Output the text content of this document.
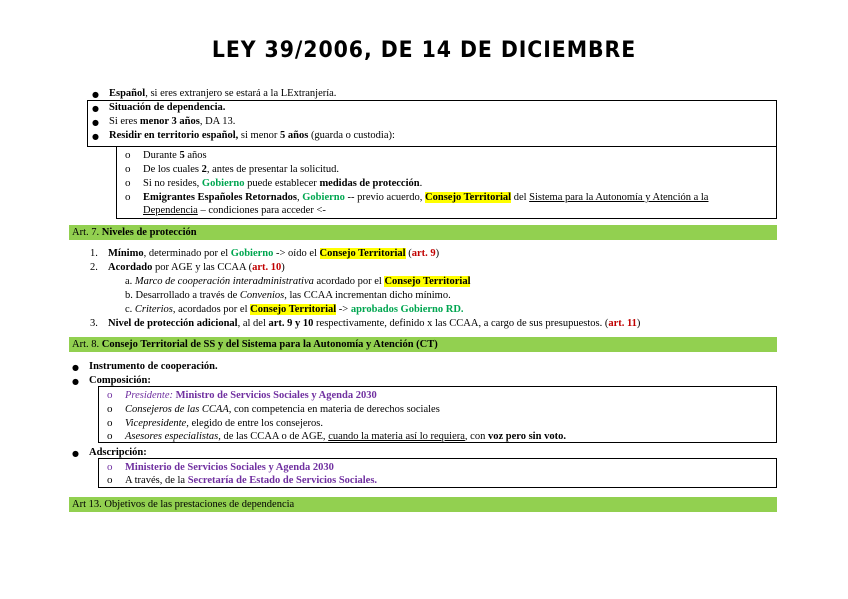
LEY 39/2006, DE 14 DE DICIEMBRE
● Español, si eres extranjero se estará a la LExtranjería.
● Situación de dependencia.
● Si eres menor 3 años, DA 13.
● Residir en territorio español, si menor 5 años (guarda o custodia):
o Durante 5 años
o De los cuales 2, antes de presentar la solicitud.
o Si no resides, Gobierno puede establecer medidas de protección.
o Emigrantes Españoles Retornados, Gobierno -- previo acuerdo, Consejo Territorial del Sistema para la Autonomía y Atención a la
Dependencia – condiciones para acceder <-
Art. 7. Niveles de protección
1. Mínimo, determinado por el Gobierno -> oído el Consejo Territorial (art. 9)
2. Acordado por AGE y las CCAA (art. 10)
a. Marco de cooperación interadministrativa acordado por el Consejo Territorial
b. Desarrollado a través de Convenios, las CCAA incrementan dicho mínimo.
c. Criterios, acordados por el Consejo Territorial -> aprobados Gobierno RD.
3. Nivel de protección adicional, al del art. 9 y 10 respectivamente, definido x las CCAA, a cargo de sus presupuestos. (art. 11)
Art. 8. Consejo Territorial de SS y del Sistema para la Autonomía y Atención (CT)
● Instrumento de cooperación.
● Composición:
o Presidente: Ministro de Servicios Sociales y Agenda 2030
o Consejeros de las CCAA, con competencia en materia de derechos sociales
o Vicepresidente, elegido de entre los consejeros.
o Asesores especialistas, de las CCAA o de AGE, cuando la materia así lo requiera, con voz pero sin voto.
● Adscripción:
o Ministerio de Servicios Sociales y Agenda 2030
o A través, de la Secretaría de Estado de Servicios Sociales.
Art 13. Objetivos de las prestaciones de dependencia
